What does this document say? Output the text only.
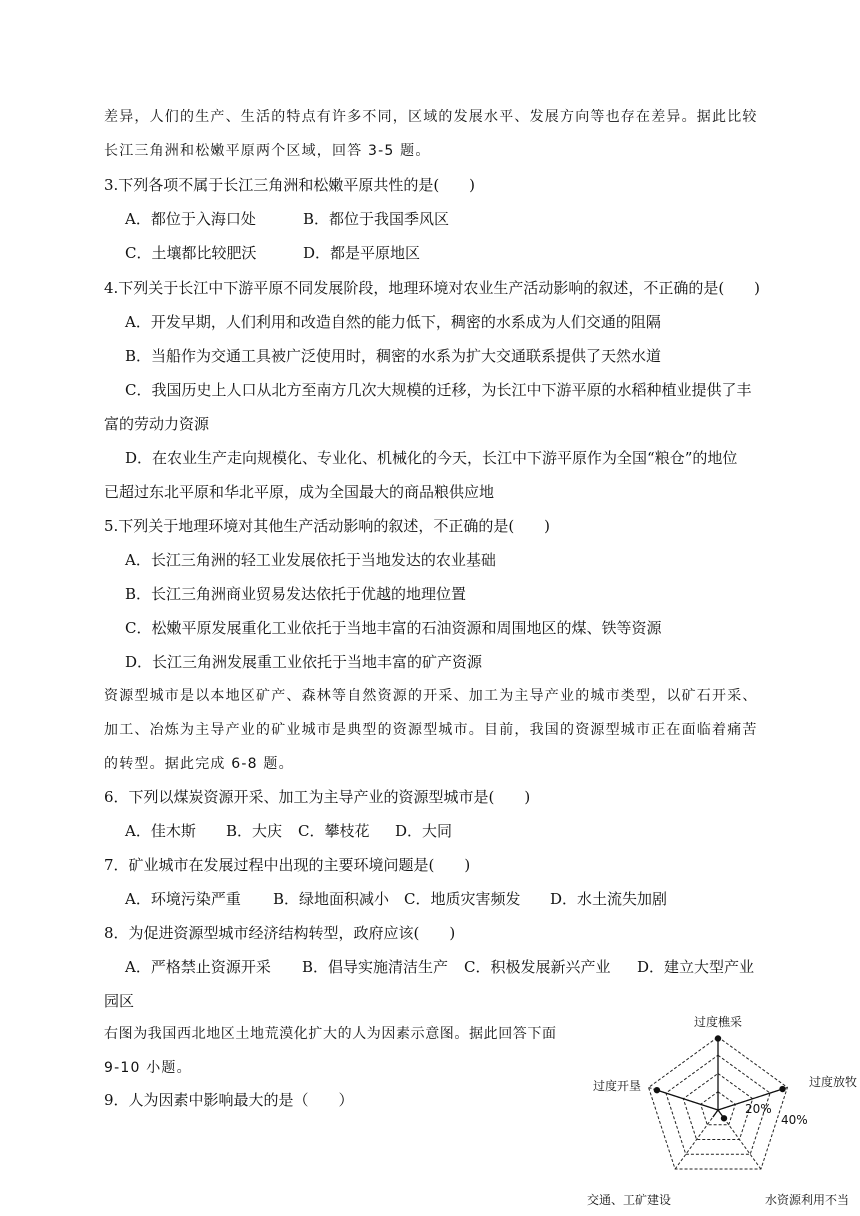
差异，人们的生产、生活的特点有许多不同，区域的发展水平、发展方向等也存在差异。据此比较
长江三角洲和松嫩平原两个区域，回答 3-5 题。
3.下列各项不属于长江三角洲和松嫩平原共性的是(　　)
A．都位于入海口处	B．都位于我国季风区
C．土壤都比较肥沃	D．都是平原地区
4.下列关于长江中下游平原不同发展阶段，地理环境对农业生产活动影响的叙述，不正确的是(　　)
A．开发早期，人们利用和改造自然的能力低下，稠密的水系成为人们交通的阻隔
B．当船作为交通工具被广泛使用时，稠密的水系为扩大交通联系提供了天然水道
C．我国历史上人口从北方至南方几次大规模的迁移，为长江中下游平原的水稻种植业提供了丰
富的劳动力资源
D．在农业生产走向规模化、专业化、机械化的今天，长江中下游平原作为全国“粮仓”的地位
已超过东北平原和华北平原，成为全国最大的商品粮供应地
5.下列关于地理环境对其他生产活动影响的叙述，不正确的是(　　)
A．长江三角洲的轻工业发展依托于当地发达的农业基础
B．长江三角洲商业贸易发达依托于优越的地理位置
C．松嫩平原发展重化工业依托于当地丰富的石油资源和周围地区的煤、铁等资源
D．长江三角洲发展重工业依托于当地丰富的矿产资源
资源型城市是以本地区矿产、森林等自然资源的开采、加工为主导产业的城市类型，以矿石开采、
加工、冶炼为主导产业的矿业城市是典型的资源型城市。目前，我国的资源型城市正在面临着痛苦
的转型。据此完成 6-8 题。
6．下列以煤炭资源开采、加工为主导产业的资源型城市是(　　)
A．佳木斯 B．大庆 C．攀枝花 D．大同
7．矿业城市在发展过程中出现的主要环境问题是(　　)
A．环境污染严重 B．绿地面积减小 C．地质灾害频发 D．水土流失加剧
8．为促进资源型城市经济结构转型，政府应该(　　)
A．严格禁止资源开采 B．倡导实施清洁生产 C．积极发展新兴产业 D．建立大型产业
园区
右图为我国西北地区土地荒漠化扩大的人为因素示意图。据此回答下面
9-10 小题。
9．人为因素中影响最大的是（　　）
过度樵采
过度放牧
水资源利用不当
交通、工矿建设
过度开垦
20%
40%
